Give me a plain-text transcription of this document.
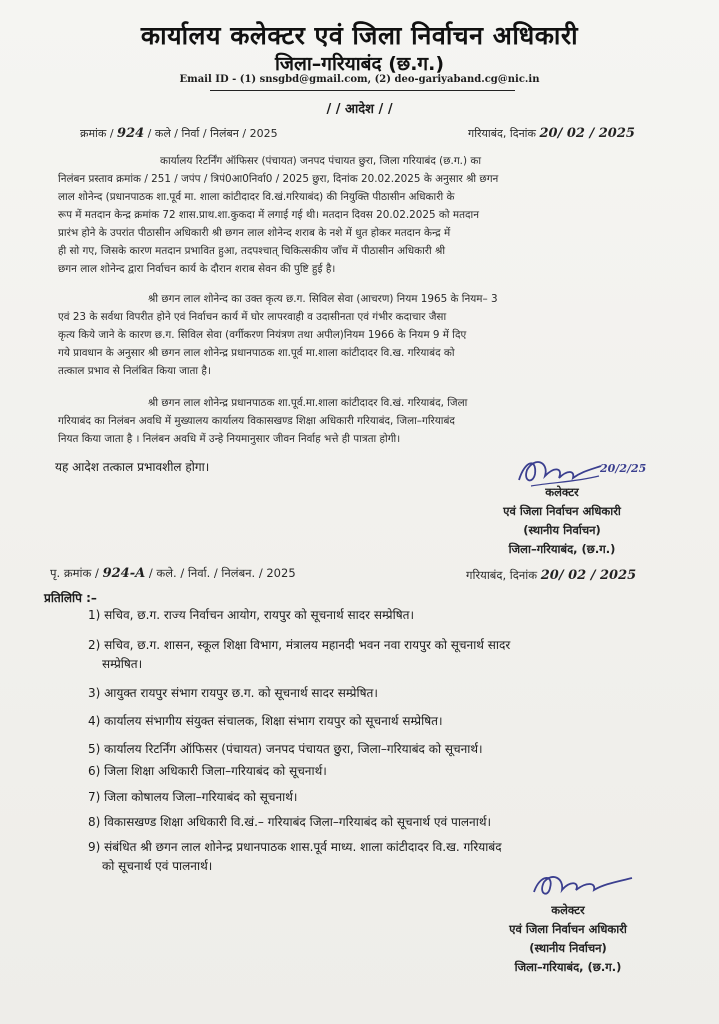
कार्यालय कलेक्टर एवं जिला निर्वाचन अधिकारी
जिला–गरियाबंद (छ.ग.)
Email ID - (1) snsgbd@gmail.com, (2) deo-gariyaband.cg@nic.in
/ / आदेश / /
क्रमांक / 924 / कले / निर्वा / निलंबन / 2025	गरियाबंद, दिनांक 20/ 02 / 2025
कार्यालय रिटर्निंग ऑफिसर (पंचायत) जनपद पंचायत छुरा, जिला गरियाबंद (छ.ग.) का
निलंबन प्रस्ताव क्रमांक / 251 / जपंप / त्रिपं0आ0निर्वा0 / 2025 छुरा, दिनांक 20.02.2025 के अनुसार श्री छगन
लाल शोनेन्द (प्रधानपाठक शा.पूर्व मा. शाला कांटीदादर वि.खं.गरियाबंद) की नियुक्ति पीठासीन अधिकारी के
रूप में मतदान केन्द्र क्रमांक 72 शास.प्राथ.शा.कुकदा में लगाई गई थी। मतदान दिवस 20.02.2025 को मतदान
प्रारंभ होने के उपरांत पीठासीन अधिकारी श्री छगन लाल शोनेन्द शराब के नशे में धुत होकर मतदान केन्द्र में
ही सो गए, जिसके कारण मतदान प्रभावित हुआ, तदपश्चात् चिकित्सकीय जाँच में पीठासीन अधिकारी श्री
छगन लाल शोनेन्द द्वारा निर्वाचन कार्य के दौरान शराब सेवन की पुष्टि हुई है।
श्री छगन लाल शोनेन्द का उक्त कृत्य छ.ग. सिविल सेवा (आचरण) नियम 1965 के नियम– 3
एवं 23 के सर्वथा विपरीत होने एवं निर्वाचन कार्य में घोर लापरवाही व उदासीनता एवं गंभीर कदाचार जैसा
कृत्य किये जाने के कारण छ.ग. सिविल सेवा (वर्गीकरण नियंत्रण तथा अपील)नियम 1966 के नियम 9 में दिए
गये प्रावधान के अनुसार श्री छगन लाल शोनेन्द्र प्रधानपाठक शा.पूर्व मा.शाला कांटीदादर वि.ख. गरियाबंद को
तत्काल प्रभाव से निलंबित किया जाता है।
श्री छगन लाल शोनेन्द्र प्रधानपाठक शा.पूर्व.मा.शाला कांटीदादर वि.खं. गरियाबंद, जिला
गरियाबंद का निलंबन अवधि में मुख्यालय कार्यालय विकासखण्ड शिक्षा अधिकारी गरियाबंद, जिला–गरियाबंद
नियत किया जाता है । निलंबन अवधि में उन्हे नियमानुसार जीवन निर्वाह भत्ते ही पात्रता होगी।
यह आदेश तत्काल प्रभावशील होगा।	20/2/25
कलेक्टर
एवं जिला निर्वाचन अधिकारी
(स्थानीय निर्वाचन)
जिला–गरियाबंद, (छ.ग.)
पृ. क्रमांक / 924-A / कले. / निर्वा. / निलंबन. / 2025	गरियाबंद, दिनांक 20/ 02 / 2025
प्रतिलिपि :–
1) सचिव, छ.ग. राज्य निर्वाचन आयोग, रायपुर को सूचनार्थ सादर सम्प्रेषित।
2) सचिव, छ.ग. शासन, स्कूल शिक्षा विभाग, मंत्रालय महानदी भवन नवा रायपुर को सूचनार्थ सादर
सम्प्रेषित।
3) आयुक्त रायपुर संभाग रायपुर छ.ग. को सूचनार्थ सादर सम्प्रेषित।
4) कार्यालय संभागीय संयुक्त संचालक, शिक्षा संभाग रायपुर को सूचनार्थ सम्प्रेषित।
5) कार्यालय रिटर्निंग ऑफिसर (पंचायत) जनपद पंचायत छुरा, जिला–गरियाबंद को सूचनार्थ।
6) जिला शिक्षा अधिकारी जिला–गरियाबंद को सूचनार्थ।
7) जिला कोषालय जिला–गरियाबंद को सूचनार्थ।
8) विकासखण्ड शिक्षा अधिकारी वि.खं.– गरियाबंद जिला–गरियाबंद को सूचनार्थ एवं पालनार्थ।
9) संबंधित श्री छगन लाल शोनेन्द्र प्रधानपाठक शास.पूर्व माध्य. शाला कांटीदादर वि.ख. गरियाबंद
को सूचनार्थ एवं पालनार्थ।
कलेक्टर
एवं जिला निर्वाचन अधिकारी
(स्थानीय निर्वाचन)
जिला–गरियाबंद, (छ.ग.)
